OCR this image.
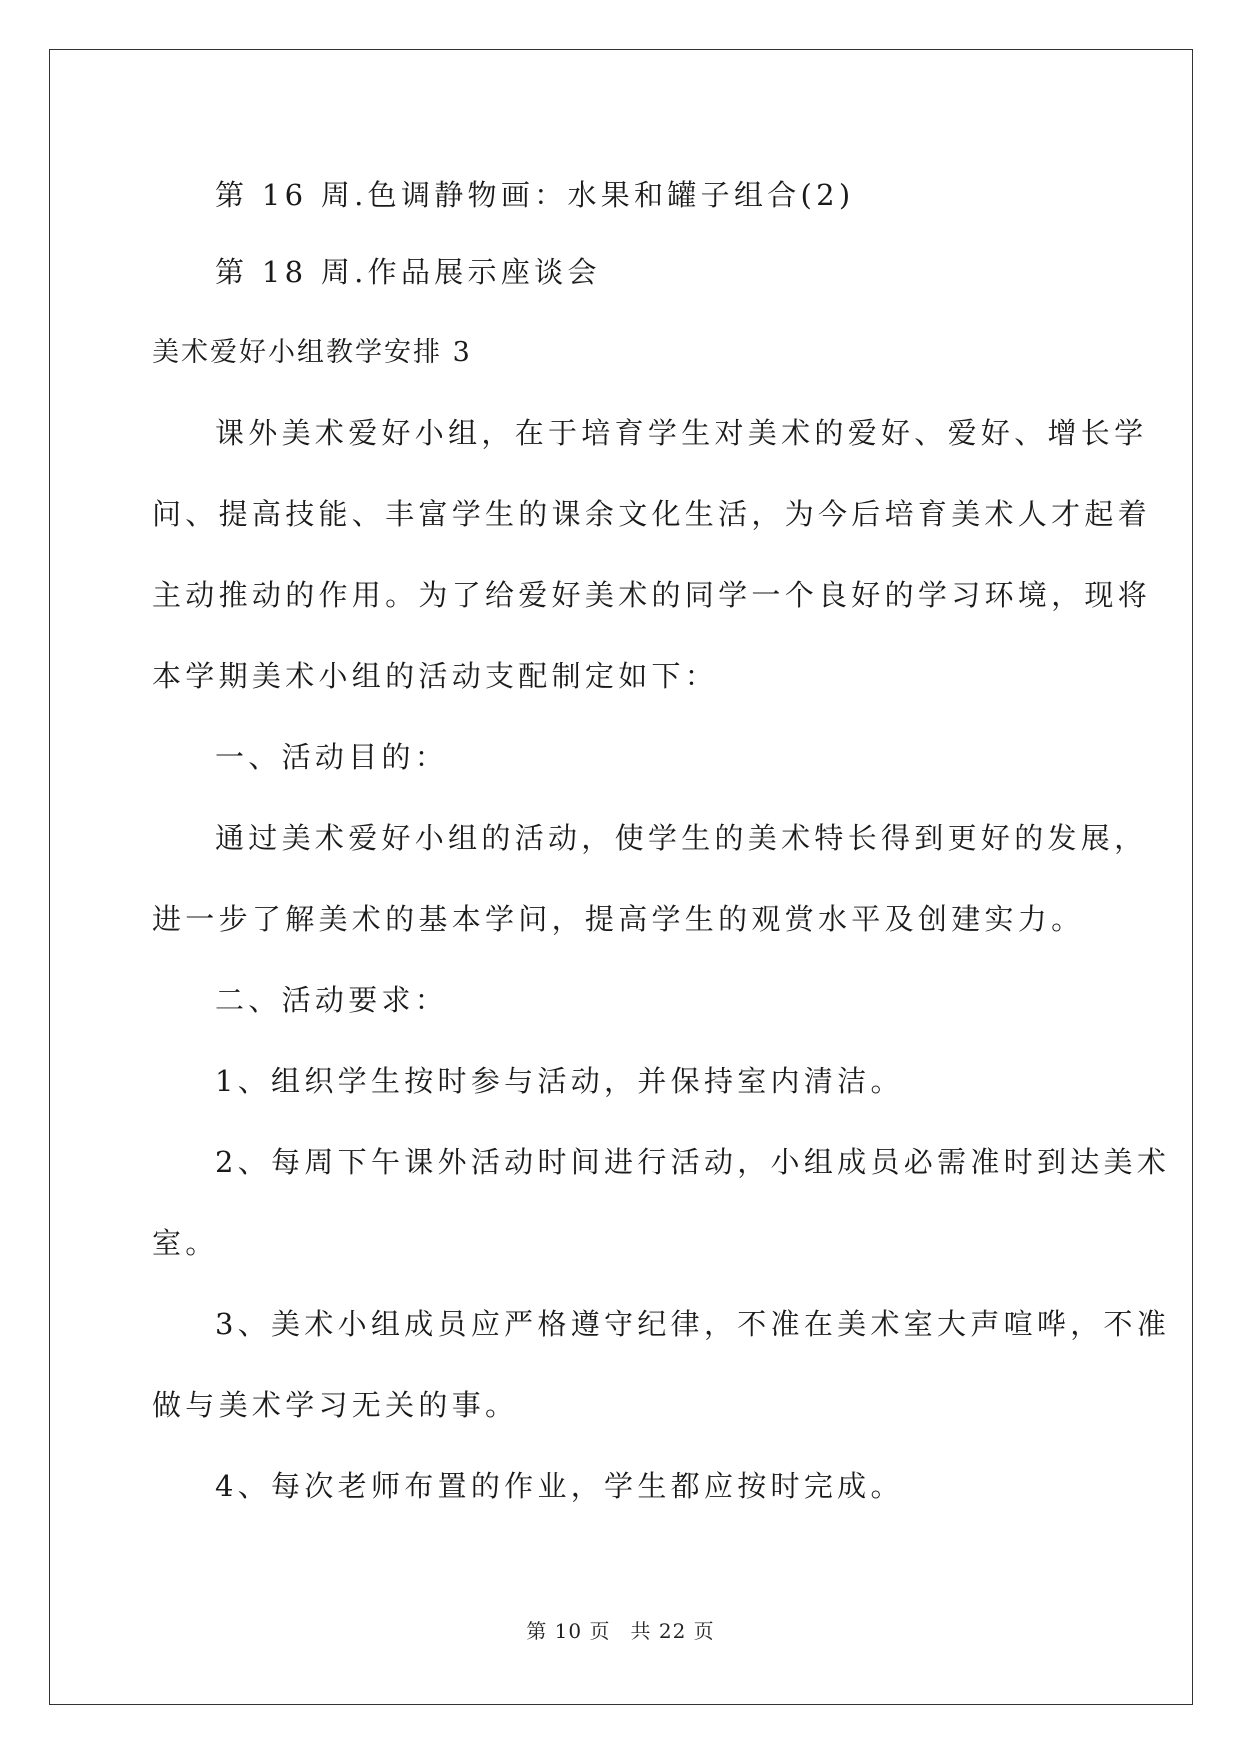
第 16 周.色调静物画：水果和罐子组合(2)
第 18 周.作品展示座谈会
美术爱好小组教学安排 3
课外美术爱好小组，在于培育学生对美术的爱好、爱好、增长学
问、提高技能、丰富学生的课余文化生活，为今后培育美术人才起着
主动推动的作用。为了给爱好美术的同学一个良好的学习环境，现将
本学期美术小组的活动支配制定如下：
一、活动目的：
通过美术爱好小组的活动，使学生的美术特长得到更好的发展，
进一步了解美术的基本学问，提高学生的观赏水平及创建实力。
二、活动要求：
1、组织学生按时参与活动，并保持室内清洁。
2、每周下午课外活动时间进行活动，小组成员必需准时到达美术
室。
3、美术小组成员应严格遵守纪律，不准在美术室大声喧哗，不准
做与美术学习无关的事。
4、每次老师布置的作业，学生都应按时完成。
第 10 页 共 22 页
